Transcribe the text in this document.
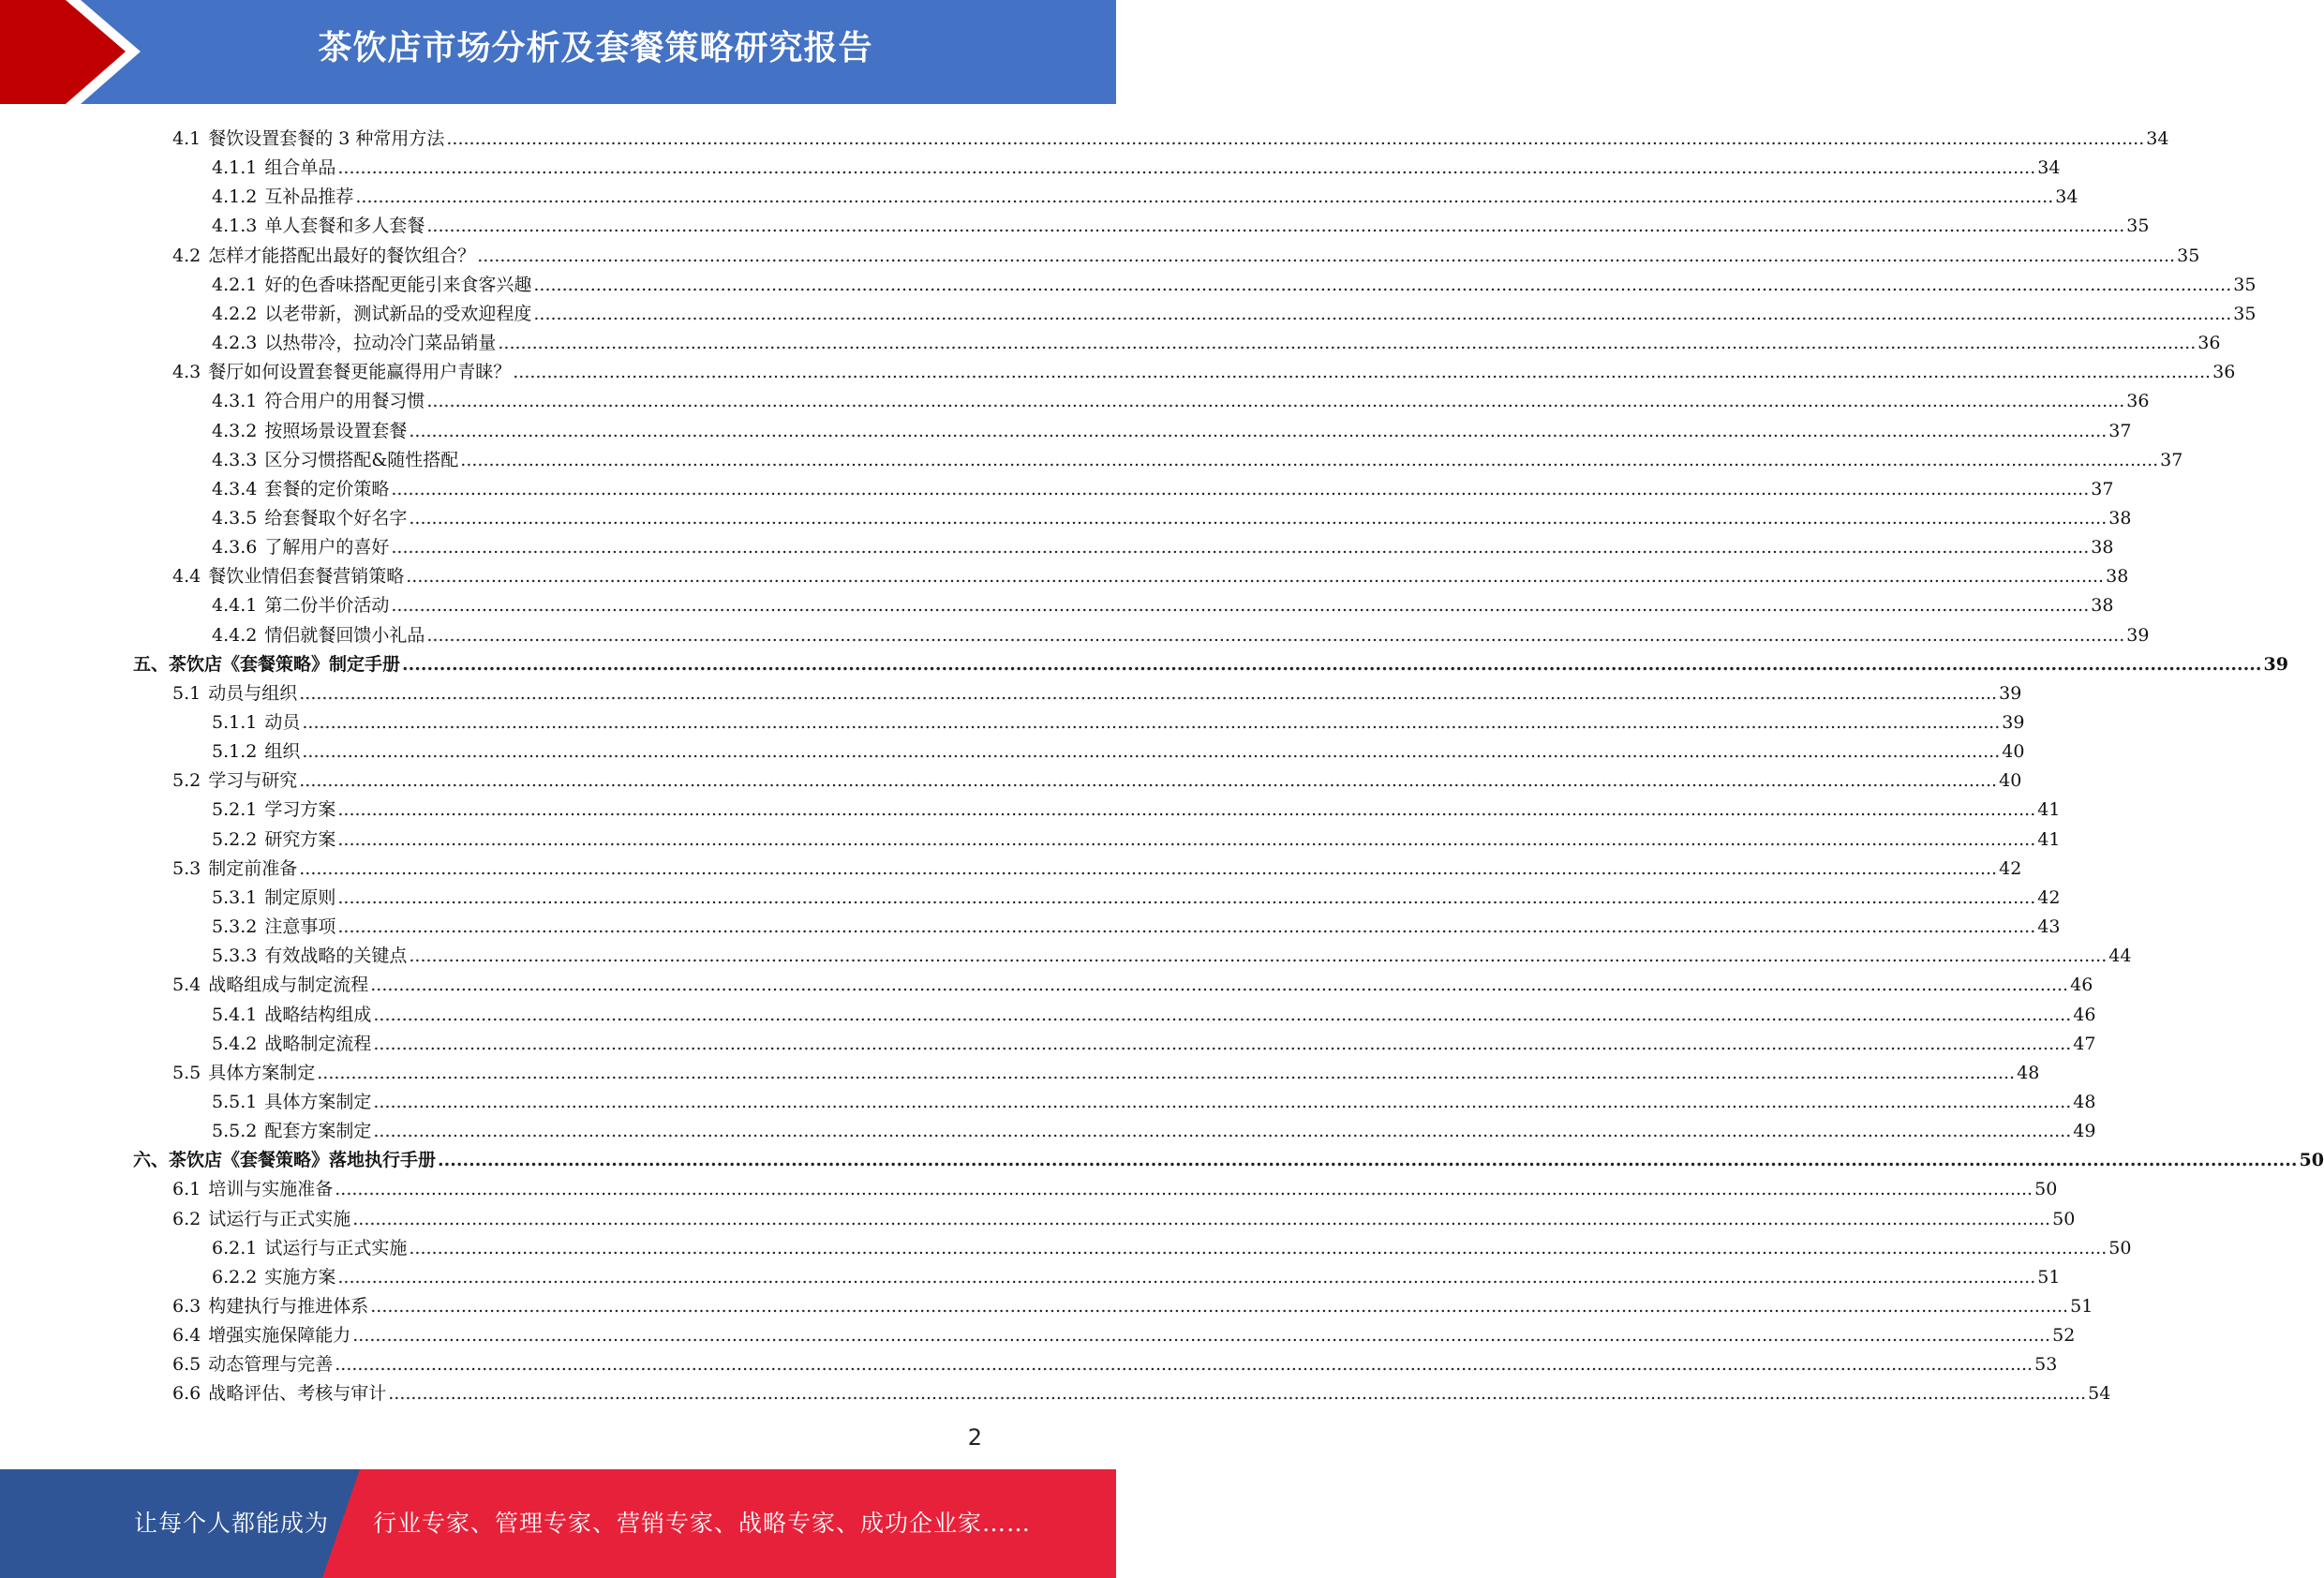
茶饮店市场分析及套餐策略研究报告
4.1 餐饮设置套餐的 3 种常用方法 ............................................................................................................................................................................................................................................................................................................ 34
4.1.1 组合单品 ............................................................................................................................................................................................................................................................................................................ 34
4.1.2 互补品推荐 ............................................................................................................................................................................................................................................................................................................ 34
4.1.3 单人套餐和多人套餐 ............................................................................................................................................................................................................................................................................................................ 35
4.2 怎样才能搭配出最好的餐饮组合？ ............................................................................................................................................................................................................................................................................................................ 35
4.2.1 好的色香味搭配更能引来食客兴趣 ............................................................................................................................................................................................................................................................................................................ 35
4.2.2 以老带新，测试新品的受欢迎程度 ............................................................................................................................................................................................................................................................................................................ 35
4.2.3 以热带冷，拉动冷门菜品销量 ............................................................................................................................................................................................................................................................................................................ 36
4.3 餐厅如何设置套餐更能赢得用户青睐？ ............................................................................................................................................................................................................................................................................................................ 36
4.3.1 符合用户的用餐习惯 ............................................................................................................................................................................................................................................................................................................ 36
4.3.2 按照场景设置套餐 ............................................................................................................................................................................................................................................................................................................ 37
4.3.3 区分习惯搭配&随性搭配 ............................................................................................................................................................................................................................................................................................................ 37
4.3.4 套餐的定价策略 ............................................................................................................................................................................................................................................................................................................ 37
4.3.5 给套餐取个好名字 ............................................................................................................................................................................................................................................................................................................ 38
4.3.6 了解用户的喜好 ............................................................................................................................................................................................................................................................................................................ 38
4.4 餐饮业情侣套餐营销策略 ............................................................................................................................................................................................................................................................................................................ 38
4.4.1 第二份半价活动 ............................................................................................................................................................................................................................................................................................................ 38
4.4.2 情侣就餐回馈小礼品 ............................................................................................................................................................................................................................................................................................................ 39
五、 茶饮店《套餐策略》制定手册 ............................................................................................................................................................................................................................................................................................................ 39
5.1 动员与组织 ............................................................................................................................................................................................................................................................................................................ 39
5.1.1 动员 ............................................................................................................................................................................................................................................................................................................ 39
5.1.2 组织 ............................................................................................................................................................................................................................................................................................................ 40
5.2 学习与研究 ............................................................................................................................................................................................................................................................................................................ 40
5.2.1 学习方案 ............................................................................................................................................................................................................................................................................................................ 41
5.2.2 研究方案 ............................................................................................................................................................................................................................................................................................................ 41
5.3 制定前准备 ............................................................................................................................................................................................................................................................................................................ 42
5.3.1 制定原则 ............................................................................................................................................................................................................................................................................................................ 42
5.3.2 注意事项 ............................................................................................................................................................................................................................................................................................................ 43
5.3.3 有效战略的关键点 ............................................................................................................................................................................................................................................................................................................ 44
5.4 战略组成与制定流程 ............................................................................................................................................................................................................................................................................................................ 46
5.4.1 战略结构组成 ............................................................................................................................................................................................................................................................................................................ 46
5.4.2 战略制定流程 ............................................................................................................................................................................................................................................................................................................ 47
5.5 具体方案制定 ............................................................................................................................................................................................................................................................................................................ 48
5.5.1 具体方案制定 ............................................................................................................................................................................................................................................................................................................ 48
5.5.2 配套方案制定 ............................................................................................................................................................................................................................................................................................................ 49
六、 茶饮店《套餐策略》落地执行手册 ............................................................................................................................................................................................................................................................................................................ 50
6.1 培训与实施准备 ............................................................................................................................................................................................................................................................................................................ 50
6.2 试运行与正式实施 ............................................................................................................................................................................................................................................................................................................ 50
6.2.1 试运行与正式实施 ............................................................................................................................................................................................................................................................................................................ 50
6.2.2 实施方案 ............................................................................................................................................................................................................................................................................................................ 51
6.3 构建执行与推进体系 ............................................................................................................................................................................................................................................................................................................ 51
6.4 增强实施保障能力 ............................................................................................................................................................................................................................................................................................................ 52
6.5 动态管理与完善 ............................................................................................................................................................................................................................................................................................................ 53
6.6 战略评估、考核与审计 ............................................................................................................................................................................................................................................................................................................ 54
2
让每个人都能成为 行业专家、管理专家、营销专家、战略专家、成功企业家……
